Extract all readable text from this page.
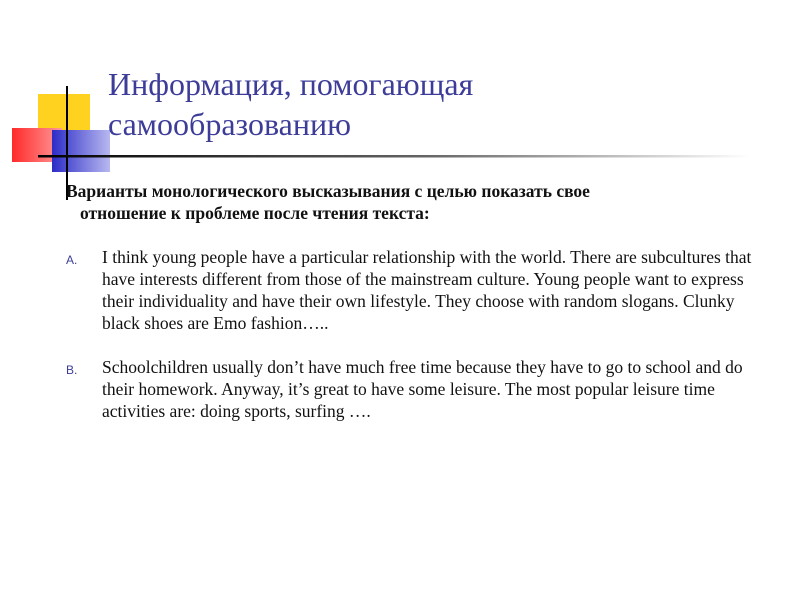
Информация, помогающая
самообразованию

Варианты монологического высказывания с целью показать свое
отношение к проблеме после чтения текста:

A. I think young people have a particular relationship with the world. There are subcultures that have interests different from those of the mainstream culture. Young people want to express their individuality and have their own lifestyle. They choose with random slogans. Clunky black shoes are Emo fashion…..
B. Schoolchildren usually don’t have much free time because they have to go to school and do their homework. Anyway, it’s great to have some leisure. The most popular leisure time activities are: doing sports, surfing ….
